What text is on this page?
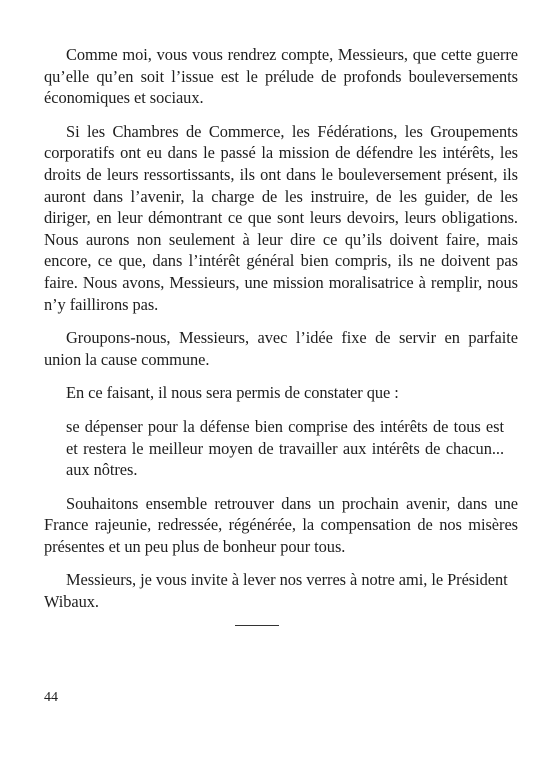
Comme moi, vous vous rendrez compte, Messieurs, que cette guerre qu’elle qu’en soit l’issue est le prélude de profonds bouleversements économiques et sociaux.

Si les Chambres de Commerce, les Fédérations, les Groupements corporatifs ont eu dans le passé la mission de défendre les intérêts, les droits de leurs ressortissants, ils ont dans le bouleversement présent, ils auront dans l’avenir, la charge de les instruire, de les guider, de les diriger, en leur démontrant ce que sont leurs devoirs, leurs obligations. Nous aurons non seulement à leur dire ce qu’ils doivent faire, mais encore, ce que, dans l’intérêt général bien compris, ils ne doivent pas faire. Nous avons, Messieurs, une mission moralisatrice à remplir, nous n’y faillirons pas.

Groupons-nous, Messieurs, avec l’idée fixe de servir en parfaite union la cause commune.

En ce faisant, il nous sera permis de constater que :

se dépenser pour la défense bien comprise des intérêts de tous est et restera le meilleur moyen de travailler aux intérêts de chacun... aux nôtres.

Souhaitons ensemble retrouver dans un prochain avenir, dans une France rajeunie, redressée, régénérée, la compensation de nos misères présentes et un peu plus de bonheur pour tous.

Messieurs, je vous invite à lever nos verres à notre ami, le Président Wibaux.

44
